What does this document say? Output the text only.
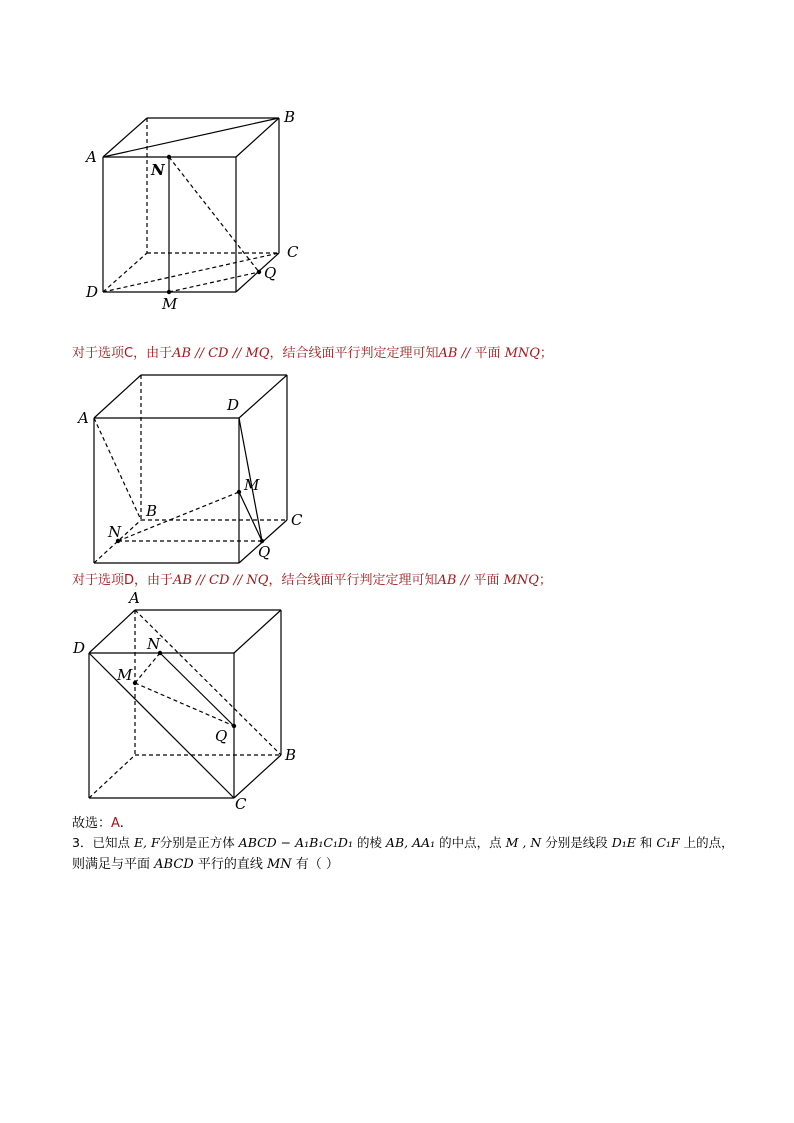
A
B
N
C
D
Q
M
A
D
M
B	C
N
Q
A
D	N
M
Q
B
C
对于选项C，由于AB // CD // MQ，结合线面平行判定定理可知AB // 平面 MNQ；
对于选项D，由于AB // CD // NQ，结合线面平行判定定理可知AB // 平面 MNQ；
故选：A.
3．已知点 E, F分别是正方体 ABCD − A₁B₁C₁D₁ 的棱 AB, AA₁ 的中点，点 M , N 分别是线段 D₁E 和 C₁F 上的点，
则满足与平面 ABCD 平行的直线 MN 有（ ）
